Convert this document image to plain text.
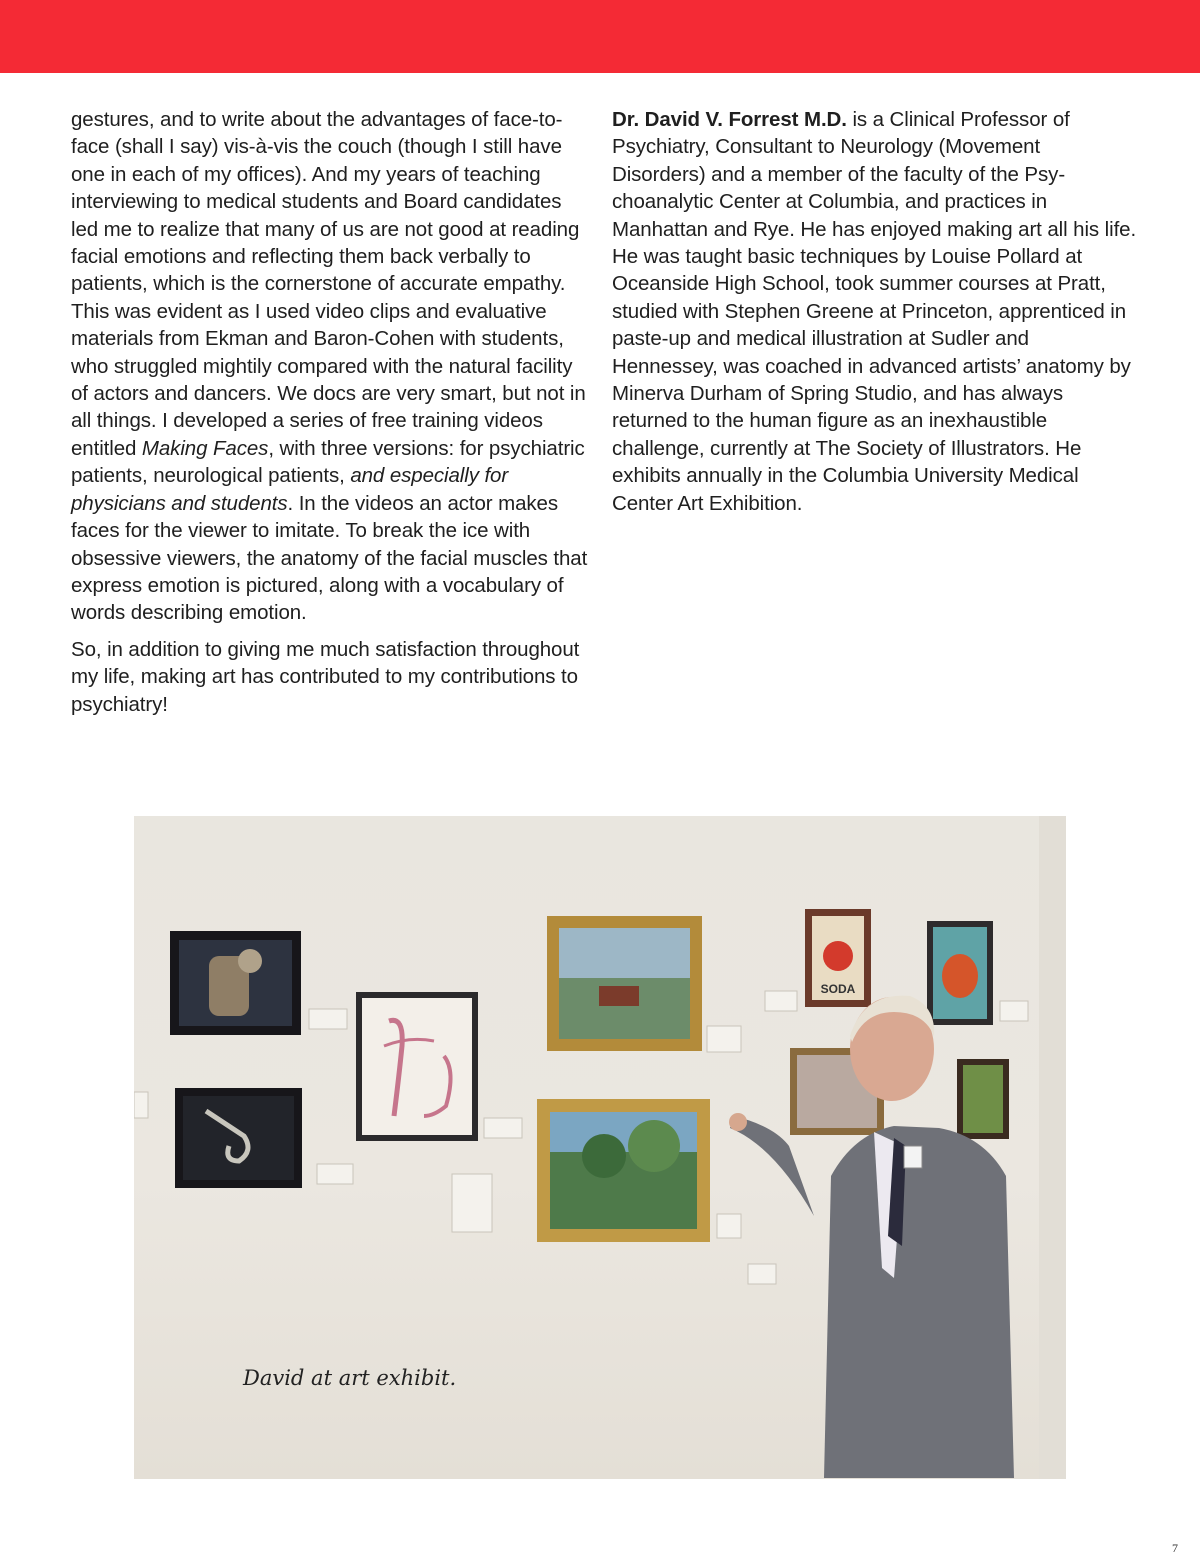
gestures, and to write about the advantages of face-to-face (shall I say) vis-à-vis the couch (though I still have one in each of my offices). And my years of teaching interviewing to medical students and Board candidates led me to realize that many of us are not good at reading facial emotions and reflecting them back verbally to patients, which is the cornerstone of accurate empathy. This was evident as I used video clips and evaluative materials from Ekman and Baron-Cohen with students, who struggled mightily compared with the natural facility of actors and dancers. We docs are very smart, but not in all things. I developed a series of free training videos entitled Making Faces, with three versions: for psychiatric patients, neurological patients, and especially for physicians and students. In the videos an actor makes faces for the viewer to imitate. To break the ice with obsessive viewers, the anatomy of the facial muscles that express emotion is pictured, along with a vocabulary of words describing emotion.

So, in addition to giving me much satisfaction throughout my life, making art has contributed to my contributions to psychiatry!

Dr. David V. Forrest M.D. is a Clinical Professor of Psychiatry, Consultant to Neurology (Movement Disorders) and a member of the faculty of the Psychoanalytic Center at Columbia, and practices in Manhattan and Rye. He has enjoyed making art all his life. He was taught basic techniques by Louise Pollard at Oceanside High School, took summer courses at Pratt, studied with Stephen Greene at Princeton, apprenticed in paste-up and medical illustration at Sudler and Hennessey, was coached in advanced artists’ anatomy by Minerva Durham of Spring Studio, and has always returned to the human figure as an inexhaustible challenge, currently at The Society of Illustrators. He exhibits annually in the Columbia University Medical Center Art Exhibition.

SODA
David at art exhibit.
7
